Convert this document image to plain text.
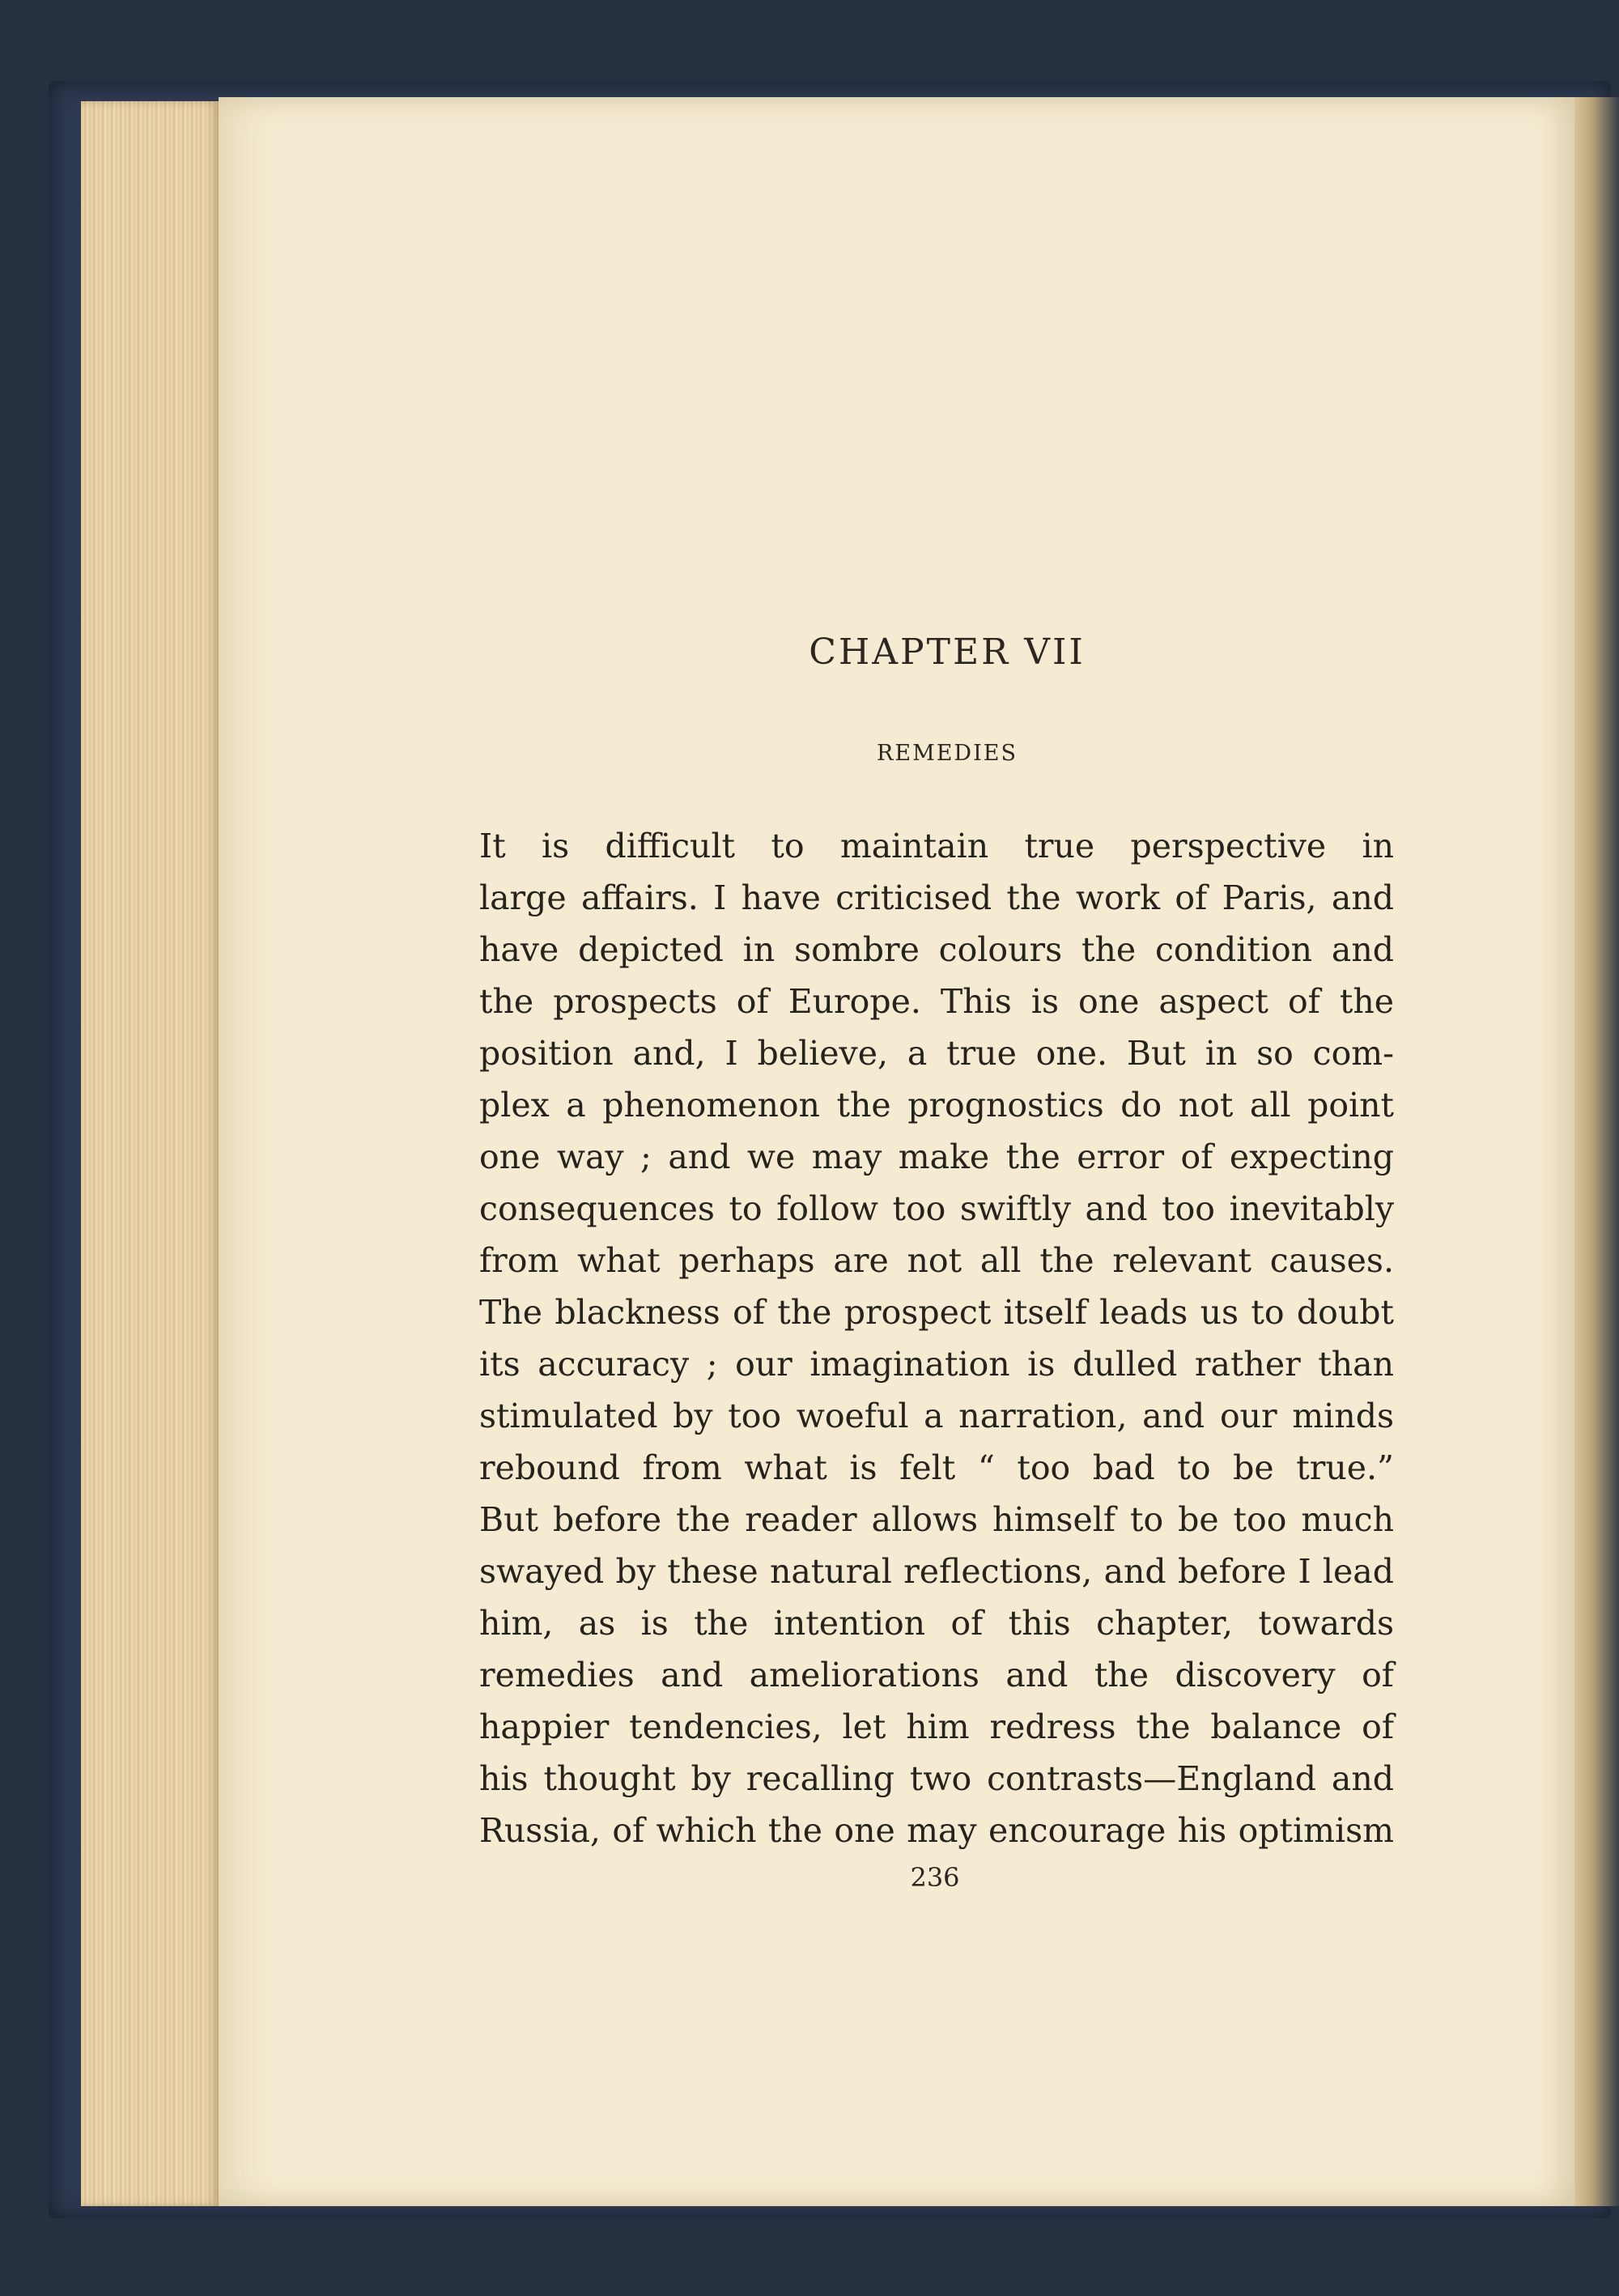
CHAPTER VII
REMEDIES
It is difficult to maintain true perspective in
large affairs. I have criticised the work of Paris, and
have depicted in sombre colours the condition and
the prospects of Europe. This is one aspect of the
position and, I believe, a true one. But in so com-
plex a phenomenon the prognostics do not all point
one way ; and we may make the error of expecting
consequences to follow too swiftly and too inevitably
from what perhaps are not all the relevant causes.
The blackness of the prospect itself leads us to doubt
its accuracy ; our imagination is dulled rather than
stimulated by too woeful a narration, and our minds
rebound from what is felt “ too bad to be true.”
But before the reader allows himself to be too much
swayed by these natural reflections, and before I lead
him, as is the intention of this chapter, towards
remedies and ameliorations and the discovery of
happier tendencies, let him redress the balance of
his thought by recalling two contrasts—England and
Russia, of which the one may encourage his optimism
236
